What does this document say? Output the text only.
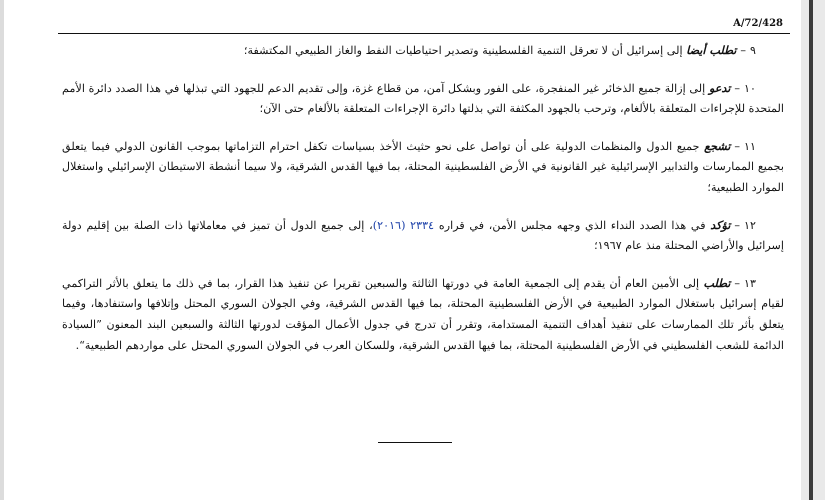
A/72/428

٩–تطلب أيضا إلى إسرائيل أن لا تعرقل التنمية الفلسطينية وتصدير احتياطيات النفط والغاز الطبيعي المكتشفة؛

١٠–تدعو إلى إزالة جميع الذخائر غير المنفجرة، على الفور وبشكل آمن، من قطاع غزة، وإلى تقديم الدعم للجهود التي تبذلها في هذا الصدد دائرة الأمم المتحدة للإجراءات المتعلقة بالألغام، وترحب بالجهود المكثفة التي بذلتها دائرة الإجراءات المتعلقة بالألغام حتى الآن؛

١١–تشجع جميع الدول والمنظمات الدولية على أن تواصل على نحو حثيث الأخذ بسياسات تكفل احترام التزاماتها بموجب القانون الدولي فيما يتعلق بجميع الممارسات والتدابير الإسرائيلية غير القانونية في الأرض الفلسطينية المحتلة، بما فيها القدس الشرقية، ولا سيما أنشطة الاستيطان الإسرائيلي واستغلال الموارد الطبيعية؛

١٢–تؤكد في هذا الصدد النداء الذي وجهه مجلس الأمن، في قراره ٢٣٣٤ (٢٠١٦)، إلى جميع الدول أن تميز في معاملاتها ذات الصلة بين إقليم دولة إسرائيل والأراضي المحتلة منذ عام ١٩٦٧؛

١٣–تطلب إلى الأمين العام أن يقدم إلى الجمعية العامة في دورتها الثالثة والسبعين تقريرا عن تنفيذ هذا القرار، بما في ذلك ما يتعلق بالأثر التراكمي لقيام إسرائيل باستغلال الموارد الطبيعية في الأرض الفلسطينية المحتلة، بما فيها القدس الشرقية، وفي الجولان السوري المحتل وإتلافها واستنفادها، وفيما يتعلق بأثر تلك الممارسات على تنفيذ أهداف التنمية المستدامة، وتقرر أن تدرج في جدول الأعمال المؤقت لدورتها الثالثة والسبعين البند المعنون ”السيادة الدائمة للشعب الفلسطيني في الأرض الفلسطينية المحتلة، بما فيها القدس الشرقية، وللسكان العرب في الجولان السوري المحتل على مواردهم الطبيعية“.
